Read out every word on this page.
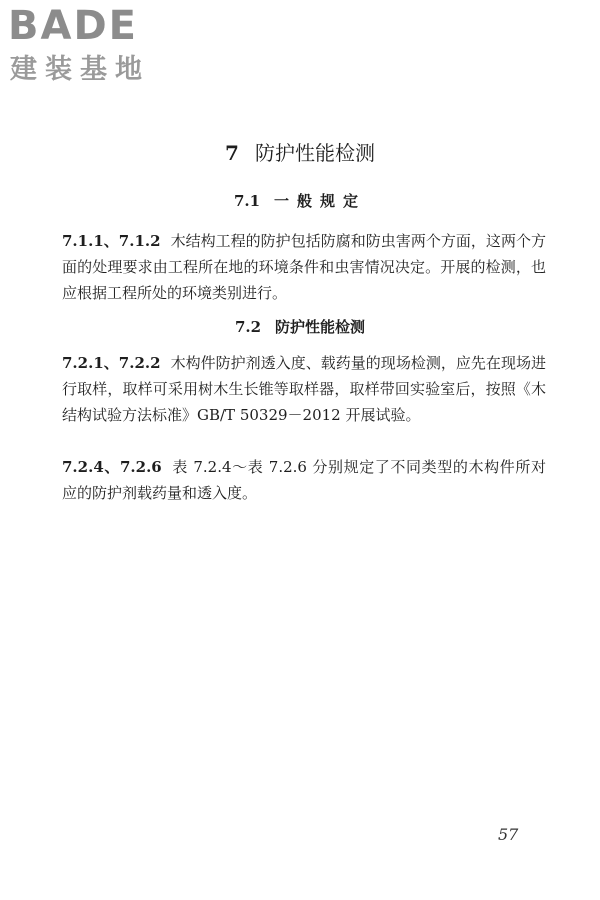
BADE
建装基地
7 防护性能检测
7.1 一般规定
7.1.1、7.1.2 木结构工程的防护包括防腐和防虫害两个方面，这两个方面的处理要求由工程所在地的环境条件和虫害情况决定。开展的检测，也应根据工程所处的环境类别进行。
7.2 防护性能检测
7.2.1、7.2.2 木构件防护剂透入度、载药量的现场检测，应先在现场进行取样，取样可采用树木生长锥等取样器，取样带回实验室后，按照《木结构试验方法标准》GB/T 50329－2012 开展试验。
7.2.4、7.2.6 表 7.2.4～表 7.2.6 分别规定了不同类型的木构件所对应的防护剂载药量和透入度。
57
